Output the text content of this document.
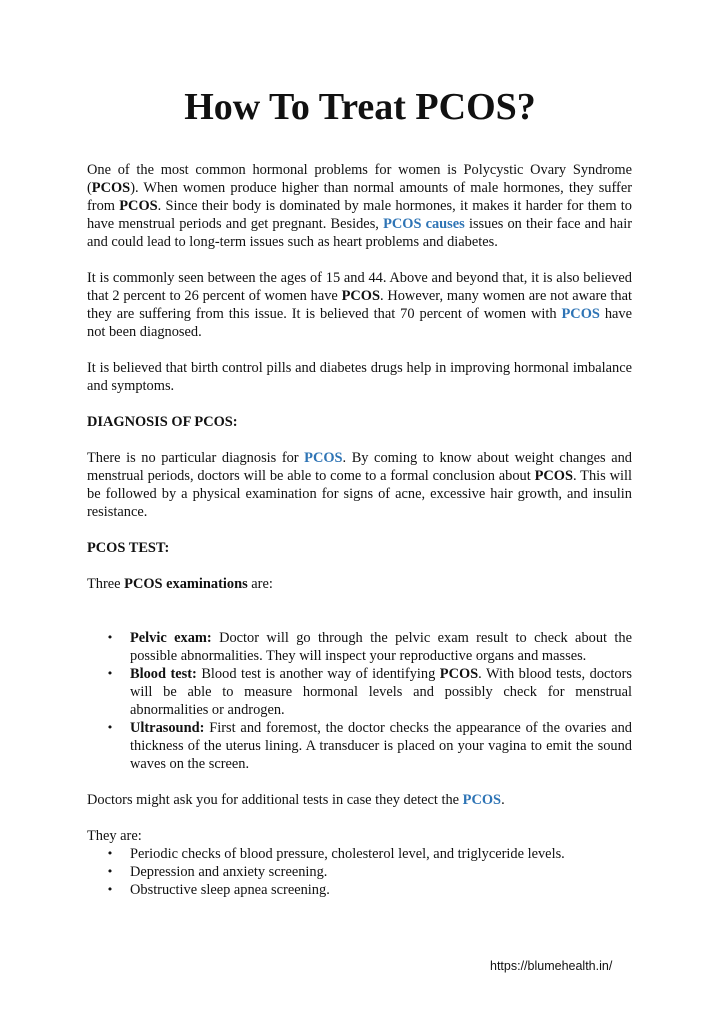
How To Treat PCOS?

One of the most common hormonal problems for women is Polycystic Ovary Syndrome (PCOS). When women produce higher than normal amounts of male hormones, they suffer from PCOS. Since their body is dominated by male hormones, it makes it harder for them to have menstrual periods and get pregnant. Besides, PCOS causes issues on their face and hair and could lead to long-term issues such as heart problems and diabetes.

It is commonly seen between the ages of 15 and 44. Above and beyond that, it is also believed that 2 percent to 26 percent of women have PCOS. However, many women are not aware that they are suffering from this issue. It is believed that 70 percent of women with PCOS have not been diagnosed.

It is believed that birth control pills and diabetes drugs help in improving hormonal imbalance and symptoms.

DIAGNOSIS OF PCOS:

There is no particular diagnosis for PCOS. By coming to know about weight changes and menstrual periods, doctors will be able to come to a formal conclusion about PCOS. This will be followed by a physical examination for signs of acne, excessive hair growth, and insulin resistance.

PCOS TEST:

Three PCOS examinations are:

• Pelvic exam: Doctor will go through the pelvic exam result to check about the possible abnormalities. They will inspect your reproductive organs and masses.
• Blood test: Blood test is another way of identifying PCOS. With blood tests, doctors will be able to measure hormonal levels and possibly check for menstrual abnormalities or androgen.
• Ultrasound: First and foremost, the doctor checks the appearance of the ovaries and thickness of the uterus lining. A transducer is placed on your vagina to emit the sound waves on the screen.

Doctors might ask you for additional tests in case they detect the PCOS.

They are:

• Periodic checks of blood pressure, cholesterol level, and triglyceride levels.
• Depression and anxiety screening.
• Obstructive sleep apnea screening.
https://blumehealth.in/
